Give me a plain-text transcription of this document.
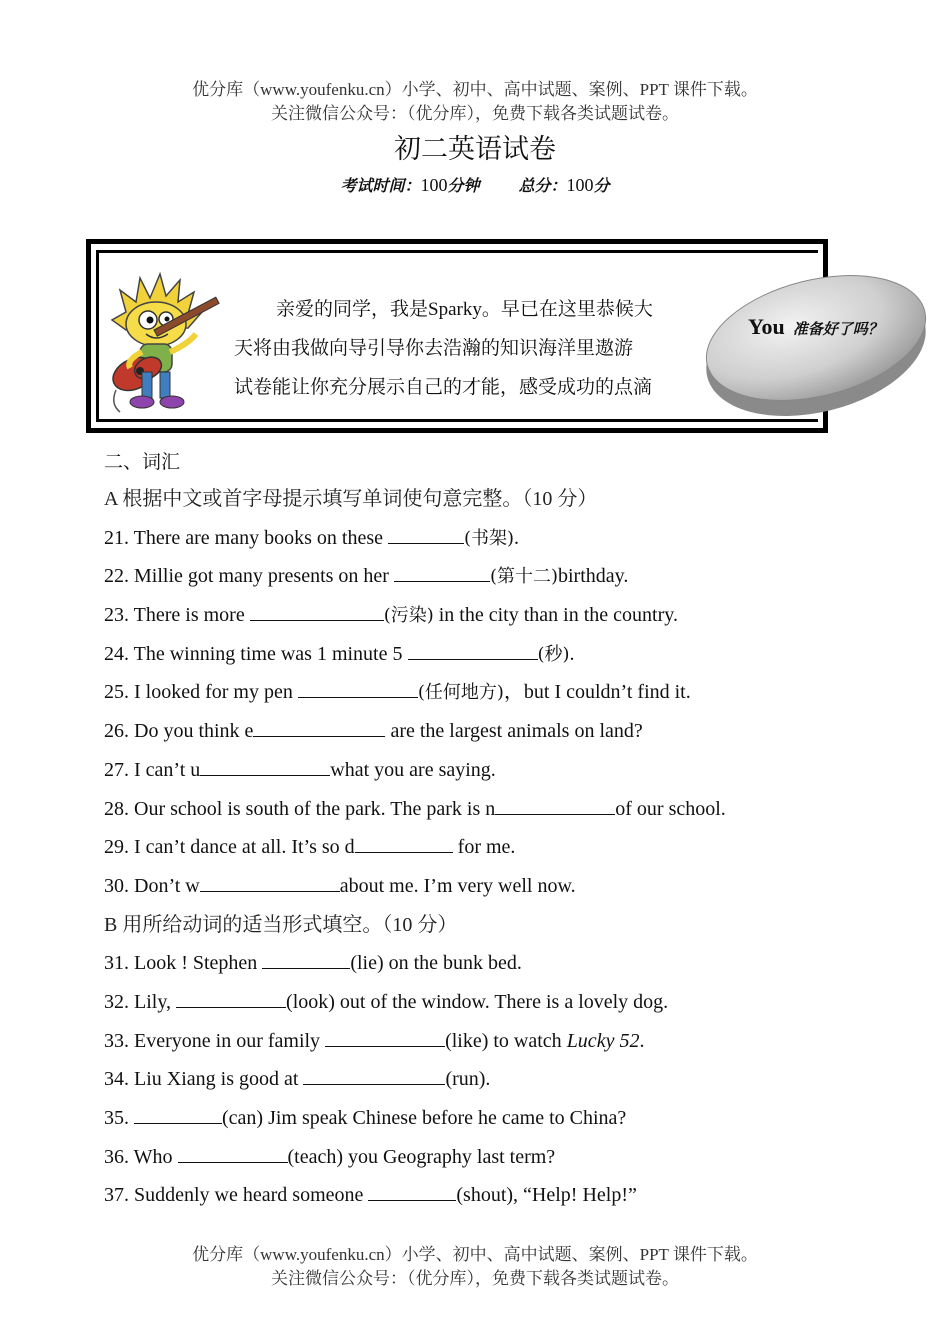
优分库（www.youfenku.cn）小学、初中、高中试题、案例、PPT 课件下载。
关注微信公众号：（优分库），免费下载各类试题试卷。
初二英语试卷
考试时间：100分钟 总分：100分
亲爱的同学，我是Sparky。早已在这里恭候大
天将由我做向导引导你去浩瀚的知识海洋里遨游
试卷能让你充分展示自己的才能，感受成功的点滴
You 准备好了吗？
二、词汇
A 根据中文或首字母提示填写单词使句意完整。（10 分）
21. There are many books on these	(书架).
22. Millie got many presents on her	(第十二)birthday.
23. There is more	(污染) in the city than in the country.
24. The winning time was 1 minute 5	(秒).
25. I looked for my pen	(任何地方)，but I couldn’t find it.
26. Do you think e	are the largest animals on land?
27. I can’t u	what you are saying.
28. Our school is south of the park. The park is n	of our school.
29. I can’t dance at all. It’s so d	for me.
30. Don’t w	about me. I’m very well now.
B 用所给动词的适当形式填空。（10 分）
31. Look ! Stephen	(lie) on the bunk bed.
32. Lily,	(look) out of the window. There is a lovely dog.
33. Everyone in our family	(like) to watch Lucky 52.
34. Liu Xiang is good at	(run).
35.	(can) Jim speak Chinese before he came to China?
36. Who	(teach) you Geography last term?
37. Suddenly we heard someone	(shout), “Help! Help!”
优分库（www.youfenku.cn）小学、初中、高中试题、案例、PPT 课件下载。
关注微信公众号：（优分库），免费下载各类试题试卷。
